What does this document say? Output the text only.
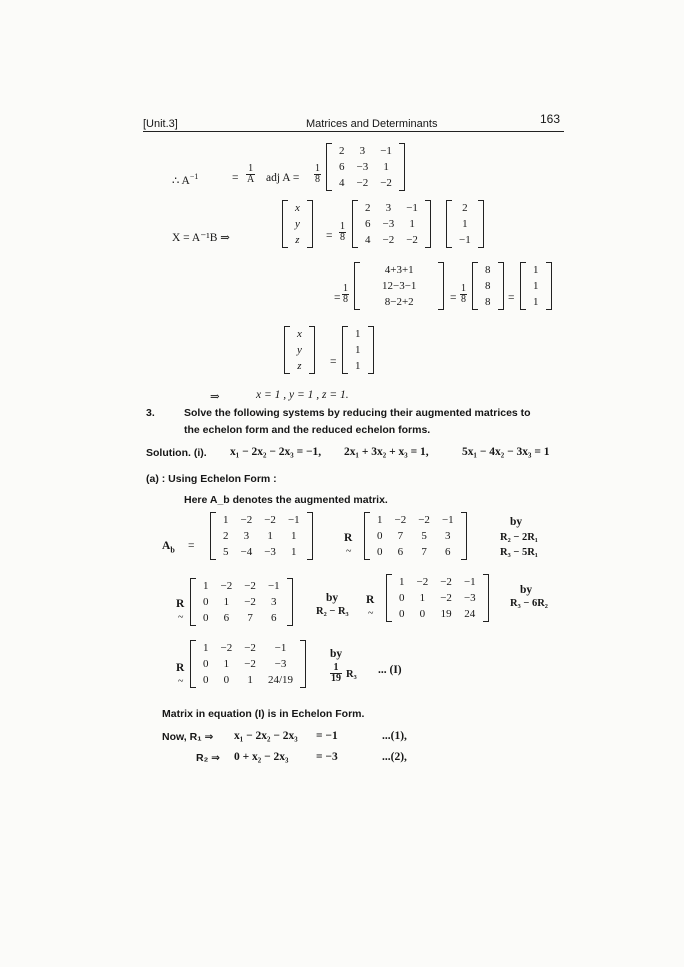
[Unit.3]	Matrices and Determinants	163
∴ $A^{-1}$	= $\frac{1}{A}$ adj $A = \frac{1}{8}$
2	3	−1
6	−3	1
4	−2	−2
X = A⁻¹B ⇒
x
y
$z = \frac{1}{8}$
2	3	−1
6	−3	1
4	−2	−2
2
1
−1
= $\frac{1}{8}$
4+3+1
12−3−1
8−2+2	= $\frac{1}{8}$
8
8
8 =
1
1
1
x
y
z =
1
1
1
⇒	x = 1 , y = 1 , z = 1.
3.	Solve the following systems by reducing their augmented matrices to
the echelon form and the reduced echelon forms.
Solution. (i). x₁ − 2x₂ − 2x₃ = −1, 2x₁ + 3x₂ + x₃ = 1,	5x₁ − 4x₂ − 3x₃ = 1
(a) : Using Echelon Form :
Here A_b denotes the augmented matrix.
$A_b$ =
1	−2	−2	−1
2	3	1	1
5	−4	−3	1
R
~
1	−2	−2	−1
0	7	5	3
0	6	7	6
by
R₂ − 2R₁
R₃ − 5R₁
R
~
1	−2	−2	−1
0	1	−2	3
0	6	7	6
by
R₂ − R₃
R
~
1	−2	−2	−1
0	1	−2	−3
0	0	19	24
by
R₃ − 6R₂
R
~
1	−2	−2	−1
0	1	−2	−3
0	0	1	24/19
by
$\frac{1}{19} R_3$ ... (I)
Matrix in equation (I) is in Echelon Form.
Now, R₁ ⇒ x₁ − 2x₂ − 2x₃ = −1	...(1),
R₂ ⇒ 0 + x₂ − 2x₃ = −3	...(2),
